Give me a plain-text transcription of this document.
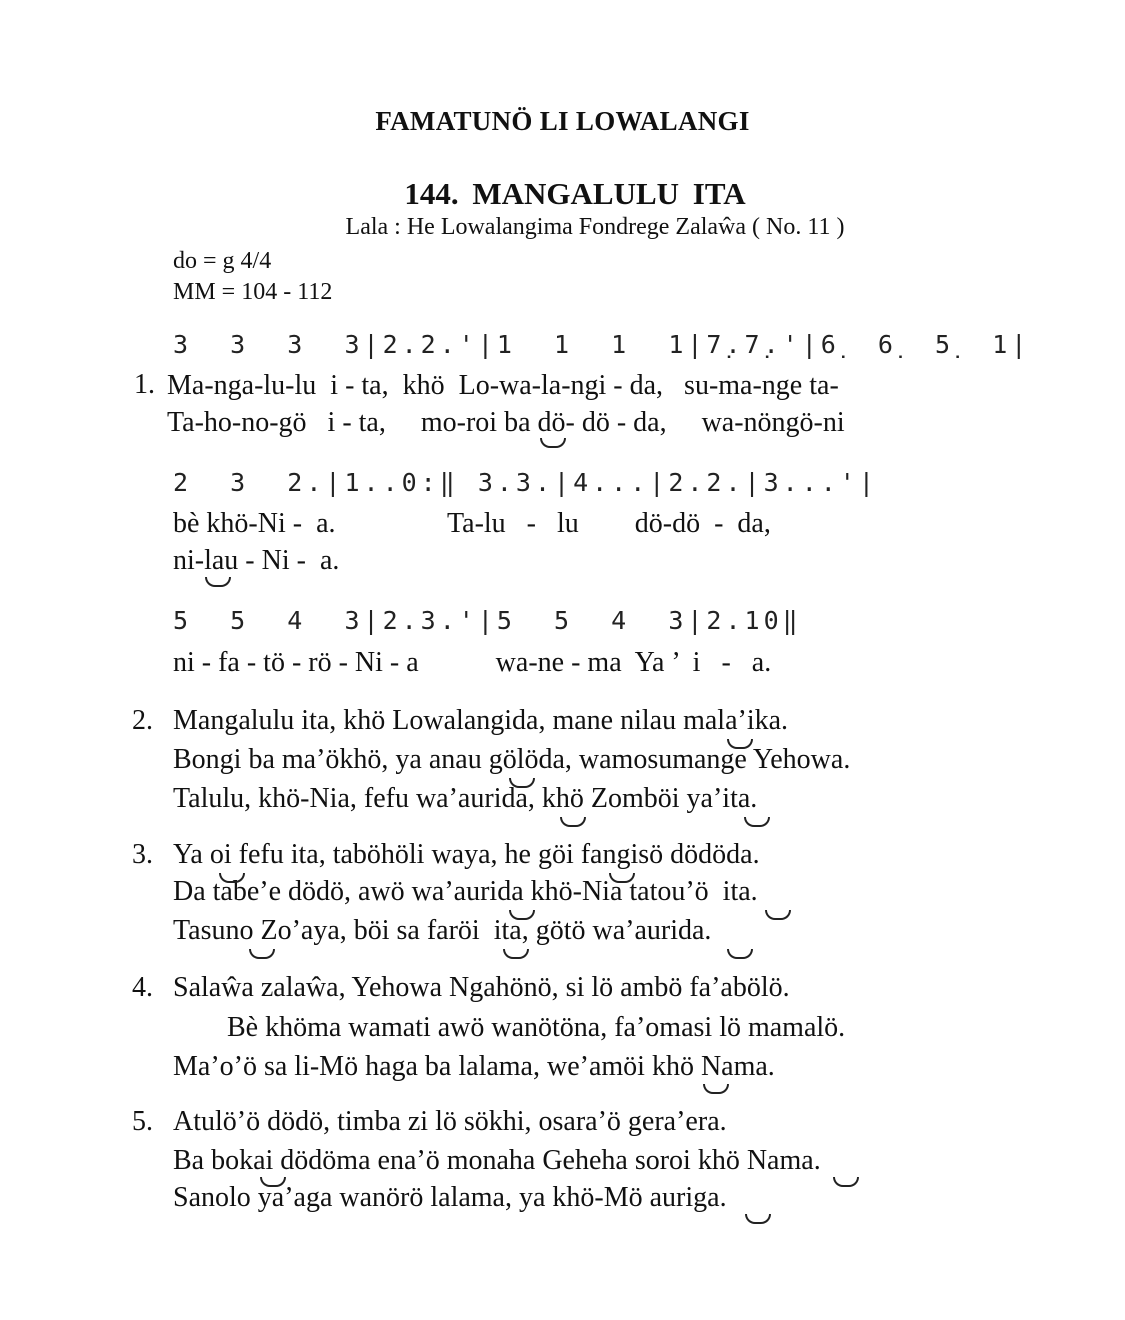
FAMATUNÖ LI LOWALANGI
144. MANGALULU ITA
Lala : He Lowalangima Fondrege Zalaŵa ( No. 11 )
do = g 4/4
MM = 104 - 112
3  3  3  3|2.2.'|1  1  1  1|7̣.7̣.'|6̣  6̣  5̣  1|
1. Ma-nga-lu-lu  i - ta,  khö  Lo-wa-la-ngi - da,   su-ma-nge ta-
Ta-ho-no-gö   i - ta,     mo-roi ba dö- dö - da,     wa-nöngö-ni
2  3  2.|1..0:‖ 3.3.|4...|2.2.|3...'|
bè khö-Ni -  a.                Ta-lu   -   lu        dö-dö  -  da,
ni-lau - Ni -  a.
5  5  4  3|2.3.'|5  5  4  3|2.10‖
ni - fa - tö - rö - Ni - a           wa-ne - ma  Ya ’  i   -   a.

2.

Mangalulu ita, khö Lowalangida, mane nilau mala’ika.

Bongi ba ma’ökhö, ya anau gölöda, wamosumange Yehowa.

Talulu, khö-Nia, fefu wa’aurida, khö Zomböi ya’ita.

3.

Ya oi fefu ita, taböhöli waya, he göi fangisö dödöda.

Da tabe’e dödö, awö wa’aurida khö-Nia tatou’ö  ita.

Tasuno Zo’aya, böi sa faröi  ita, götö wa’aurida.

4.

Salaŵa zalaŵa, Yehowa Ngahönö, si lö ambö fa’abölö.

Bè khöma wamati awö wanötöna, fa’omasi lö mamalö.

Ma’o’ö sa li-Mö haga ba lalama, we’amöi khö Nama.

5.

Atulö’ö dödö, timba zi lö sökhi, osara’ö gera’era.

Ba bokai dödöma ena’ö monaha Geheha soroi khö Nama.

Sanolo ya’aga wanörö lalama, ya khö-Mö auriga.
